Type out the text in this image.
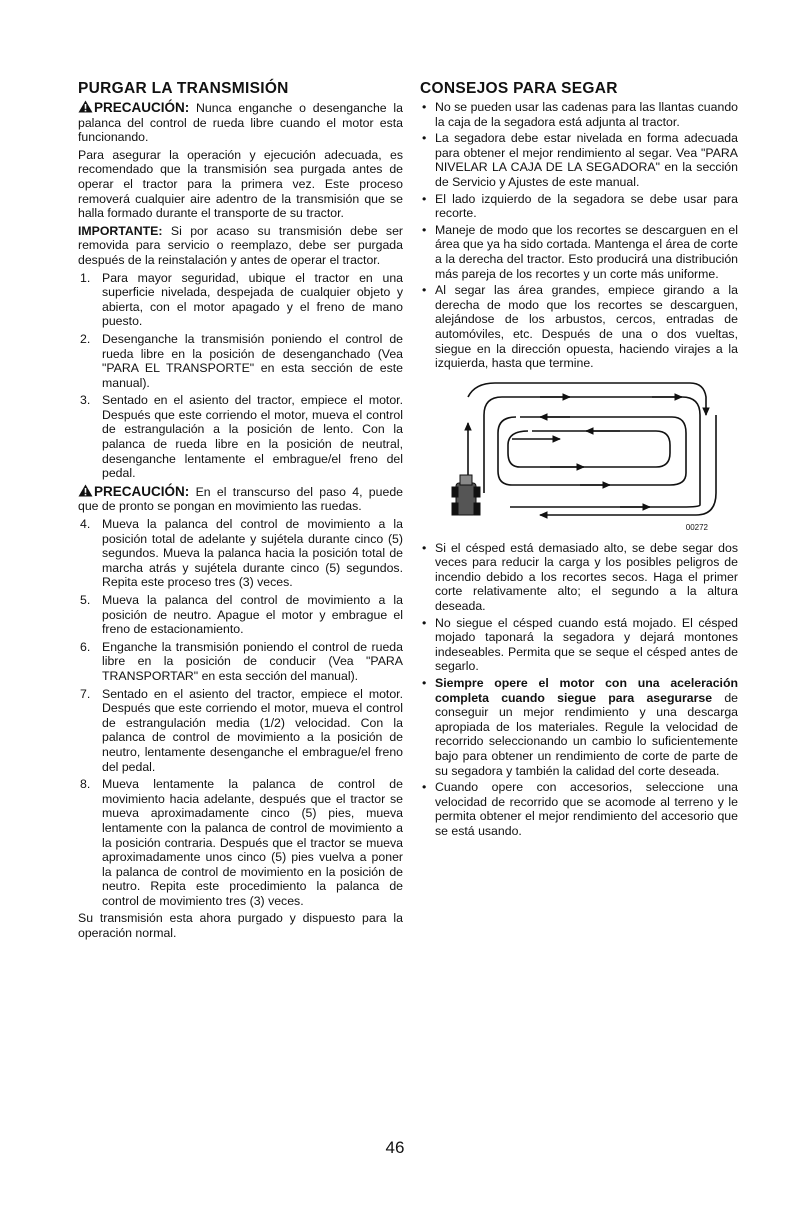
PURGAR LA TRANSMISIÓN

PRECAUCIÓN: Nunca enganche o desenganche la palanca del control de rueda libre cuando el motor esta funcionando.

Para asegurar la operación y ejecución adecuada, es recomendado que la transmisión sea purgada antes de operar el tractor para la primera vez. Este proceso removerá cualquier aire adentro de la transmisión que se halla formado durante el transporte de su tractor.

IMPORTANTE: Si por acaso su transmisión debe ser removida para servicio o reemplazo, debe ser purgada después de la reinstalación y antes de operar el tractor.

1. Para mayor seguridad, ubique el tractor en una superficie nivelada, despejada de cualquier objeto y abierta, con el motor apagado y el freno de mano puesto.
2. Desenganche la transmisión poniendo el control de rueda libre en la posición de desenganchado (Vea "PARA EL TRANSPORTE" en esta sección de este manual).
3. Sentado en el asiento del tractor, empiece el motor. Después que este corriendo el motor, mueva el control de estrangulación a la posición de lento. Con la palanca de rueda libre en la posición de neutral, desenganche lentamente el embrague/el freno del pedal.

PRECAUCIÓN: En el transcurso del paso 4, puede que de pronto se pongan en movimiento las ruedas.

4. Mueva la palanca del control de movimiento a la posición total de adelante y sujétela durante cinco (5) segundos. Mueva la palanca hacia la posición total de marcha atrás y sujétela durante cinco (5) segundos. Repita este proceso tres (3) veces.
5. Mueva la palanca del control de movimiento a la posición de neutro. Apague el motor y embrague el freno de estacionamiento.
6. Enganche la transmisión poniendo el control de rueda libre en la posición de conducir (Vea "PARA TRANSPORTAR" en esta sección del manual).
7. Sentado en el asiento del tractor, empiece el motor. Después que este corriendo el motor, mueva el control de estrangulación media (1/2) velocidad. Con la palanca de control de movimiento a la posición de neutro, lentamente desenganche el embrague/el freno del pedal.
8. Mueva lentamente la palanca de control de movimiento hacia adelante, después que el tractor se mueva aproximadamente cinco (5) pies, mueva lentamente con la palanca de control de movimiento a la posición contraria. Después que el tractor se mueva aproximadamente unos cinco (5) pies vuelva a poner la palanca de control de movimiento en la posición de neutro. Repita este procedimiento la palanca de control de movimiento tres (3) veces.

Su transmisión esta ahora purgado y dispuesto para la operación normal.

CONSEJOS PARA SEGAR
• No se pueden usar las cadenas para las llantas cuando la caja de la segadora está adjunta al tractor.
• La segadora debe estar nivelada en forma adecuada para obtener el mejor rendimiento al segar. Vea "PARA NIVELAR LA CAJA DE LA SEGADORA" en la sección de Servicio y Ajustes de este manual.
• El lado izquierdo de la segadora se debe usar para recorte.
• Maneje de modo que los recortes se descarguen en el área que ya ha sido cortada. Mantenga el área de corte a la derecha del tractor. Esto producirá una distribución más pareja de los recortes y un corte más uniforme.
• Al segar las área grandes, empiece girando a la derecha de modo que los recortes se descarguen, alejándose de los arbustos, cercos, entradas de automóviles, etc. Después de una o dos vueltas, siegue en la dirección opuesta, haciendo virajes a la izquierda, hasta que termine.
00272
• Si el césped está demasiado alto, se debe segar dos veces para reducir la carga y los posibles peligros de incendio debido a los recortes secos. Haga el primer corte relativamente alto; el segundo a la altura deseada.
• No siegue el césped cuando está mojado. El césped mojado taponará la segadora y dejará montones indeseables. Permita que se seque el césped antes de segarlo.
• Siempre opere el motor con una aceleración completa cuando siegue para asegurarse de conseguir un mejor rendimiento y una descarga apropiada de los materiales. Regule la velocidad de recorrido seleccionando un cambio lo suficientemente bajo para obtener un rendimiento de corte de parte de su segadora y también la calidad del corte deseada.
• Cuando opere con accesorios, seleccione una velocidad de recorrido que se acomode al terreno y le permita obtener el mejor rendimiento del accesorio que se está usando.
46
